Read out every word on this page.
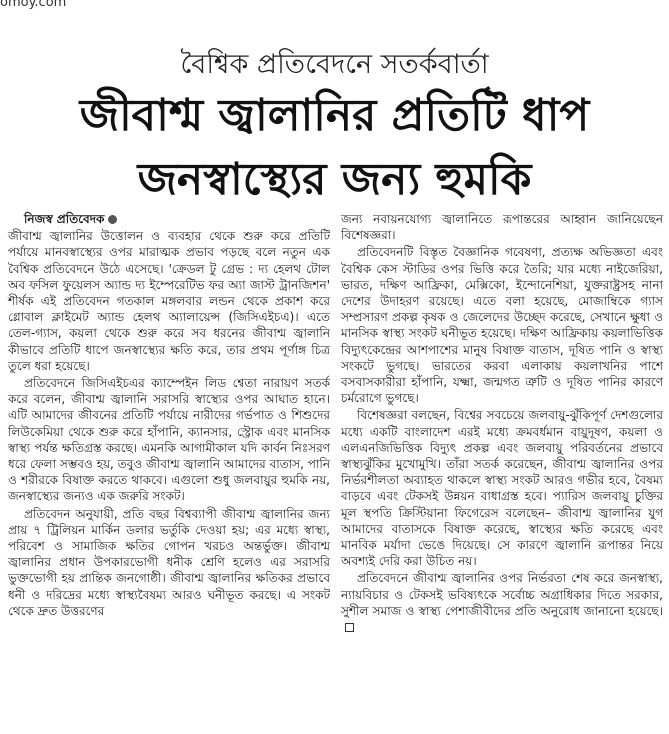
omoy.com
বৈশ্বিক প্রতিবেদনে সতর্কবার্তা
জীবাশ্ম জ্বালানির প্রতিটি ধাপ
জনস্বাস্থ্যের জন্য হুমকি

নিজস্ব প্রতিবেদক

জীবাশ্ম জ্বালানির উত্তোলন ও ব্যবহার থেকে শুরু করে প্রতিটি পর্যায়ে মানবস্বাস্থ্যের ওপর মারাত্মক প্রভাব পড়ছে বলে নতুন এক বৈশ্বিক প্রতিবেদনে উঠে এসেছে। 'ক্রেডল টু গ্রেভ : দ্য হেলথ টোল অব ফসিল ফুয়েলস অ্যান্ড দ্য ইম্পেরেটিভ ফর অ্যা জাস্ট ট্রানজিশন' শীর্ষক এই প্রতিবেদন গতকাল মঙ্গলবার লন্ডন থেকে প্রকাশ করে গ্লোবাল ক্লাইমেট অ্যান্ড হেলথ অ্যালায়েন্স (জিসিএইচএ)। এতে তেল-গ্যাস, কয়লা থেকে শুরু করে সব ধরনের জীবাশ্ম জ্বালানি কীভাবে প্রতিটি ধাপে জনস্বাস্থ্যের ক্ষতি করে, তার প্রথম পূর্ণাঙ্গ চিত্র তুলে ধরা হয়েছে।

প্রতিবেদনে জিসিএইচএর ক্যাম্পেইন লিড শ্বেতা নারায়ণ সতর্ক করে বলেন, জীবাশ্ম জ্বালানি সরাসরি স্বাস্থ্যের ওপর আঘাত হানে। এটি আমাদের জীবনের প্রতিটি পর্যায়ে নারীদের গর্ভপাত ও শিশুদের লিউকেমিয়া থেকে শুরু করে হাঁপানি, ক্যানসার, স্ট্রোক এবং মানসিক স্বাস্থ্য পর্যন্ত ক্ষতিগ্রস্ত করছে। এমনকি আগামীকাল যদি কার্বন নিঃসরণ ধরে ফেলা সম্ভবও হয়, তবুও জীবাশ্ম জ্বালানি আমাদের বাতাস, পানি ও শরীরকে বিষাক্ত করতে থাকবে। এগুলো শুধু জলবায়ুর হুমকি নয়, জনস্বাস্থ্যের জন্যও এক জরুরি সংকট।

প্রতিবেদন অনুযায়ী, প্রতি বছর বিশ্বব্যাপী জীবাশ্ম জ্বালানির জন্য প্রায় ৭ ট্রিলিয়ন মার্কিন ডলার ভর্তুকি দেওয়া হয়; এর মধ্যে স্বাস্থ্য, পরিবেশ ও সামাজিক ক্ষতির গোপন খরচও অন্তর্ভুক্ত। জীবাশ্ম জ্বালানির প্রধান উপকারভোগী ধনীক শ্রেণি হলেও এর সরাসরি ভুক্তভোগী হয় প্রান্তিক জনগোষ্ঠী। জীবাশ্ম জ্বালানির ক্ষতিকর প্রভাবে ধনী ও দরিদ্রের মধ্যে স্বাস্থ্যবৈষম্য আরও ঘনীভূত করছে। এ সংকট থেকে দ্রুত উত্তরণের

জন্য নবায়নযোগ্য জ্বালানিতে রূপান্তরের আহ্বান জানিয়েছেন বিশেষজ্ঞরা।

প্রতিবেদনটি বিস্তৃত বৈজ্ঞানিক গবেষণা, প্রত্যক্ষ অভিজ্ঞতা এবং বৈশ্বিক কেস স্টাডির ওপর ভিত্তি করে তৈরি; যার মধ্যে নাইজেরিয়া, ভারত, দক্ষিণ আফ্রিকা, মেক্সিকো, ইন্দোনেশিয়া, যুক্তরাষ্ট্রসহ নানা দেশের উদাহরণ রয়েছে। এতে বলা হয়েছে, মোজাম্বিকে গ্যাস সম্প্রসারণ প্রকল্প কৃষক ও জেলেদের উচ্ছেদ করেছে, সেখানে ক্ষুধা ও মানসিক স্বাস্থ্য সংকট ঘনীভূত হয়েছে। দক্ষিণ আফ্রিকায় কয়লাভিত্তিক বিদ্যুৎকেন্দ্রের আশপাশের মানুষ বিষাক্ত বাতাস, দূষিত পানি ও স্বাস্থ্য সংকটে ভুগছে। ভারতের করবা এলাকায় কয়লাখনির পাশে বসবাসকারীরা হাঁপানি, যক্ষ্মা, জন্মগত ত্রুটি ও দূষিত পানির কারণে চর্মরোগে ভুগছে।

বিশেষজ্ঞরা বলছেন, বিশ্বের সবচেয়ে জলবায়ু-ঝুঁকিপূর্ণ দেশগুলোর মধ্যে একটি বাংলাদেশ এরই মধ্যে ক্রমবর্ধমান বায়ুদূষণ, কয়লা ও এলএনজিভিত্তিক বিদ্যুৎ প্রকল্প এবং জলবায়ু পরিবর্তনের প্রভাবে স্বাস্থ্যঝুঁকির মুখোমুখি। তাঁরা সতর্ক করেছেন, জীবাশ্ম জ্বালানির ওপর নির্ভরশীলতা অব্যাহত থাকলে স্বাস্থ্য সংকট আরও গভীর হবে, বৈষম্য বাড়বে এবং টেকসই উন্নয়ন বাধাগ্রস্ত হবে। প্যারিস জলবায়ু চুক্তির মূল স্থপতি ক্রিস্টিয়ানা ফিগেরেস বলেছেন– জীবাশ্ম জ্বালানির যুগ আমাদের বাতাসকে বিষাক্ত করেছে, স্বাস্থ্যের ক্ষতি করেছে এবং মানবিক মর্যাদা ভেঙে দিয়েছে। সে কারণে জ্বালানি রূপান্তর নিয়ে অবশ্যই দেরি করা উচিত নয়।

প্রতিবেদনে জীবাশ্ম জ্বালানির ওপর নির্ভরতা শেষ করে জনস্বাস্থ্য, ন্যায়বিচার ও টেকসই ভবিষ্যৎকে সর্বোচ্চ অগ্রাধিকার দিতে সরকার, সুশীল সমাজ ও স্বাস্থ্য পেশাজীবীদের প্রতি অনুরোধ জানানো হয়েছে।
